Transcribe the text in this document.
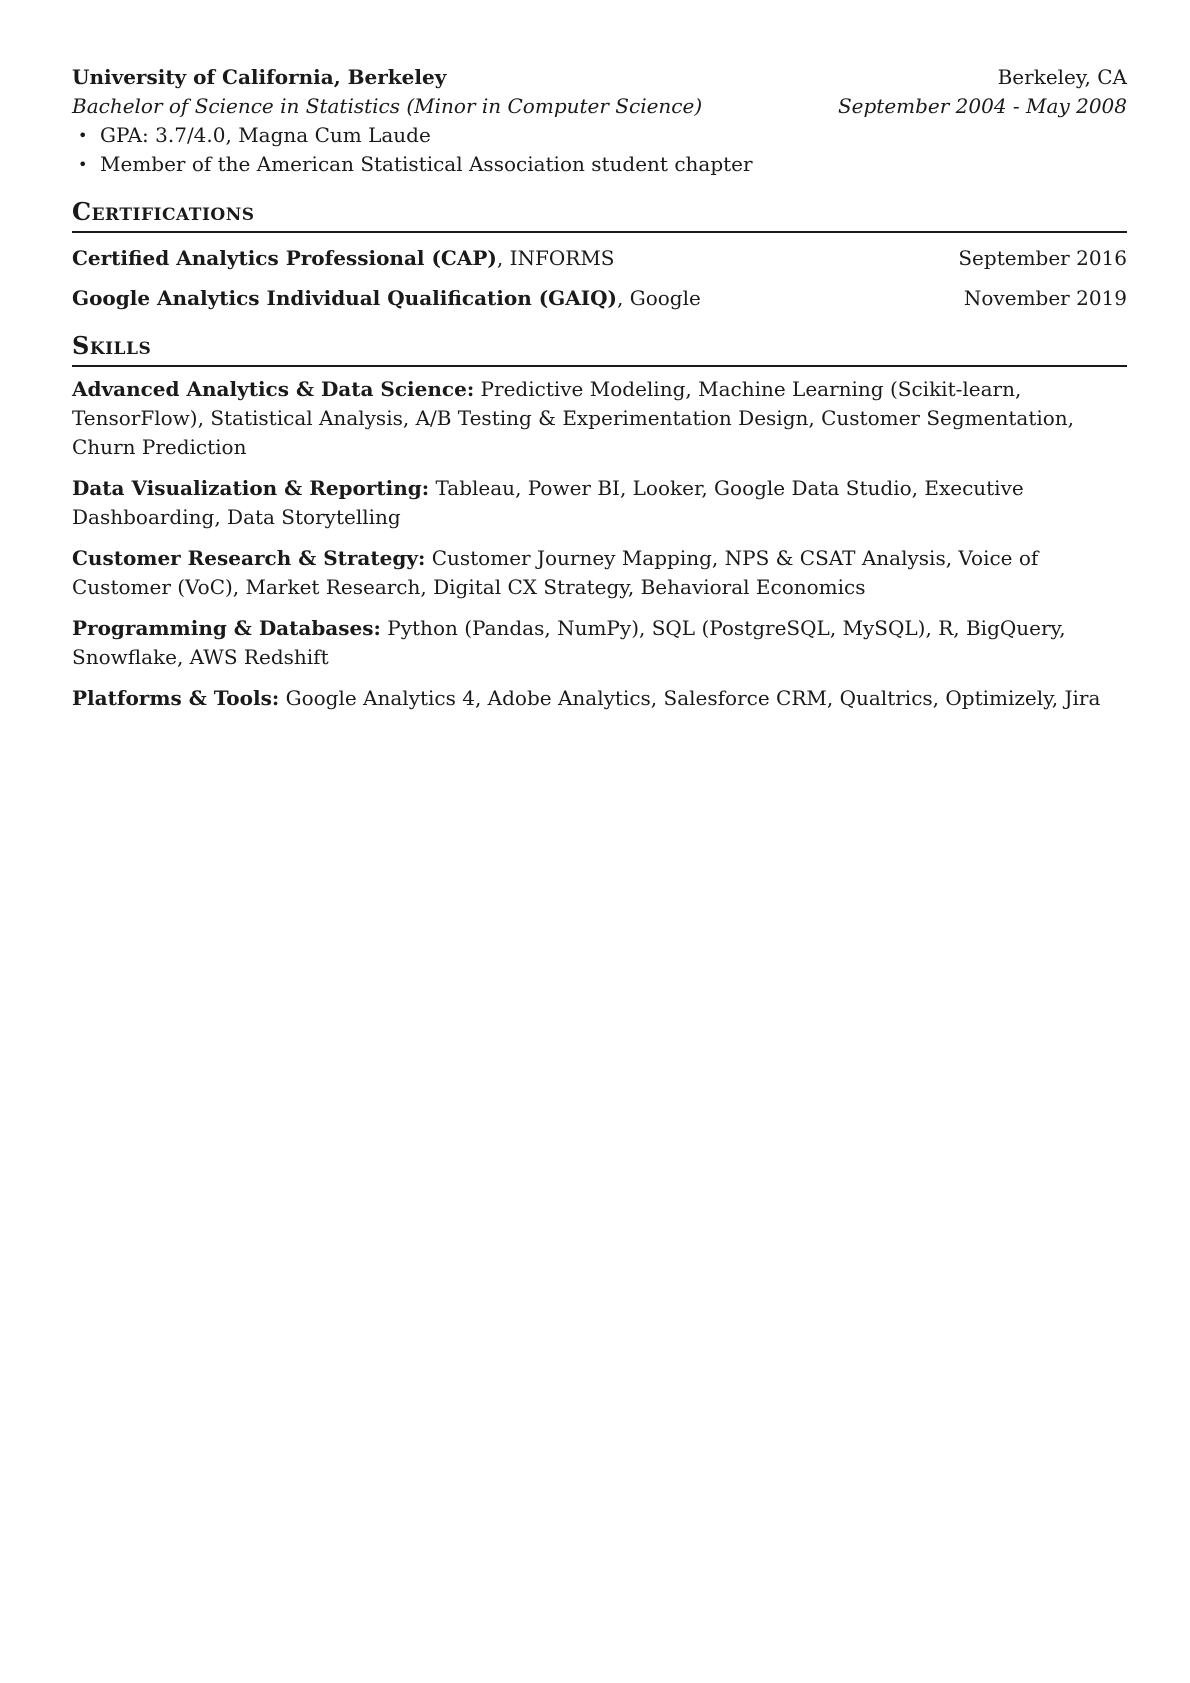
University of California, Berkeley	Berkeley, CA
Bachelor of Science in Statistics (Minor in Computer Science)	September 2004 - May 2008
• GPA: 3.7/4.0, Magna Cum Laude
• Member of the American Statistical Association student chapter
Certifications
Certified Analytics Professional (CAP), INFORMS	September 2016
Google Analytics Individual Qualification (GAIQ), Google	November 2019
Skills
Advanced Analytics & Data Science: Predictive Modeling, Machine Learning (Scikit-learn, TensorFlow), Statistical Analysis, A/B Testing & Experimentation Design, Customer Segmentation, Churn Prediction
Data Visualization & Reporting: Tableau, Power BI, Looker, Google Data Studio, Executive Dashboarding, Data Storytelling
Customer Research & Strategy: Customer Journey Mapping, NPS & CSAT Analysis, Voice of Customer (VoC), Market Research, Digital CX Strategy, Behavioral Economics
Programming & Databases: Python (Pandas, NumPy), SQL (PostgreSQL, MySQL), R, BigQuery, Snowflake, AWS Redshift
Platforms & Tools: Google Analytics 4, Adobe Analytics, Salesforce CRM, Qualtrics, Optimizely, Jira
